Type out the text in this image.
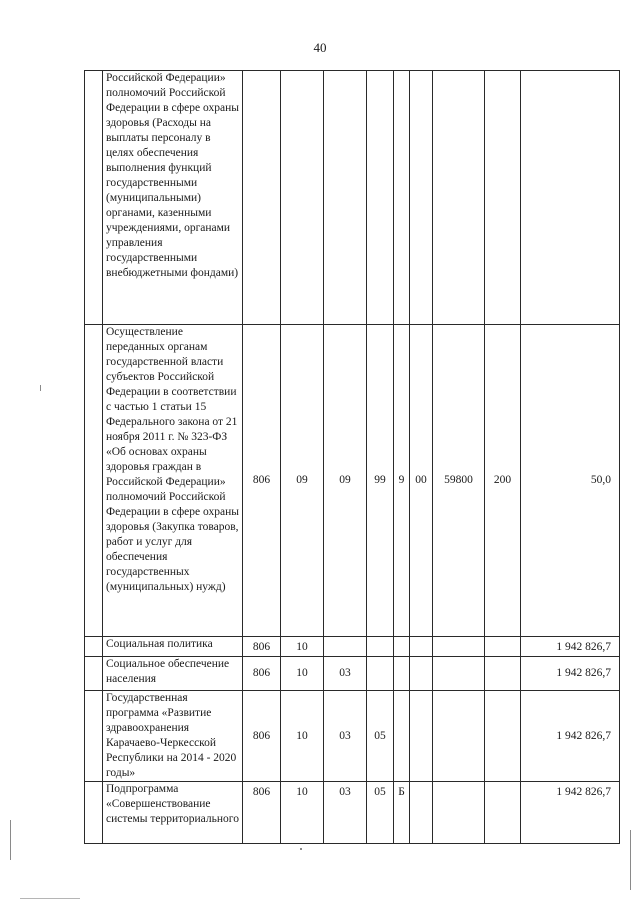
40
	Российской Федерации» полномочий Российской Федерации в сфере охраны здоровья (Расходы на выплаты персоналу в целях обеспечения выполнения функций государственными (муниципальными) органами, казенными учреждениями, органами управления государственными внебюджетными фондами)									
	Осуществление переданных органам государственной власти субъектов Российской Федерации в соответствии с частью 1 статьи 15 Федерального закона от 21 ноября 2011 г. № 323-ФЗ «Об основах охраны здоровья граждан в Российской Федерации» полномочий Российской Федерации в сфере охраны здоровья (Закупка товаров, работ и услуг для обеспечения государственных (муниципальных) нужд)	806	09	09	99	9	00	59800	200	50,0
	Социальная политика	806	10							1 942 826,7
	Социальное обеспечение населения	806	10	03						1 942 826,7
	Государственная программа «Развитие здравоохранения Карачаево-Черкесской Республики на 2014 - 2020 годы»	806	10	03	05					1 942 826,7
	Подпрограмма «Совершенствование системы территориального	806	10	03	05	Б				1 942 826,7
